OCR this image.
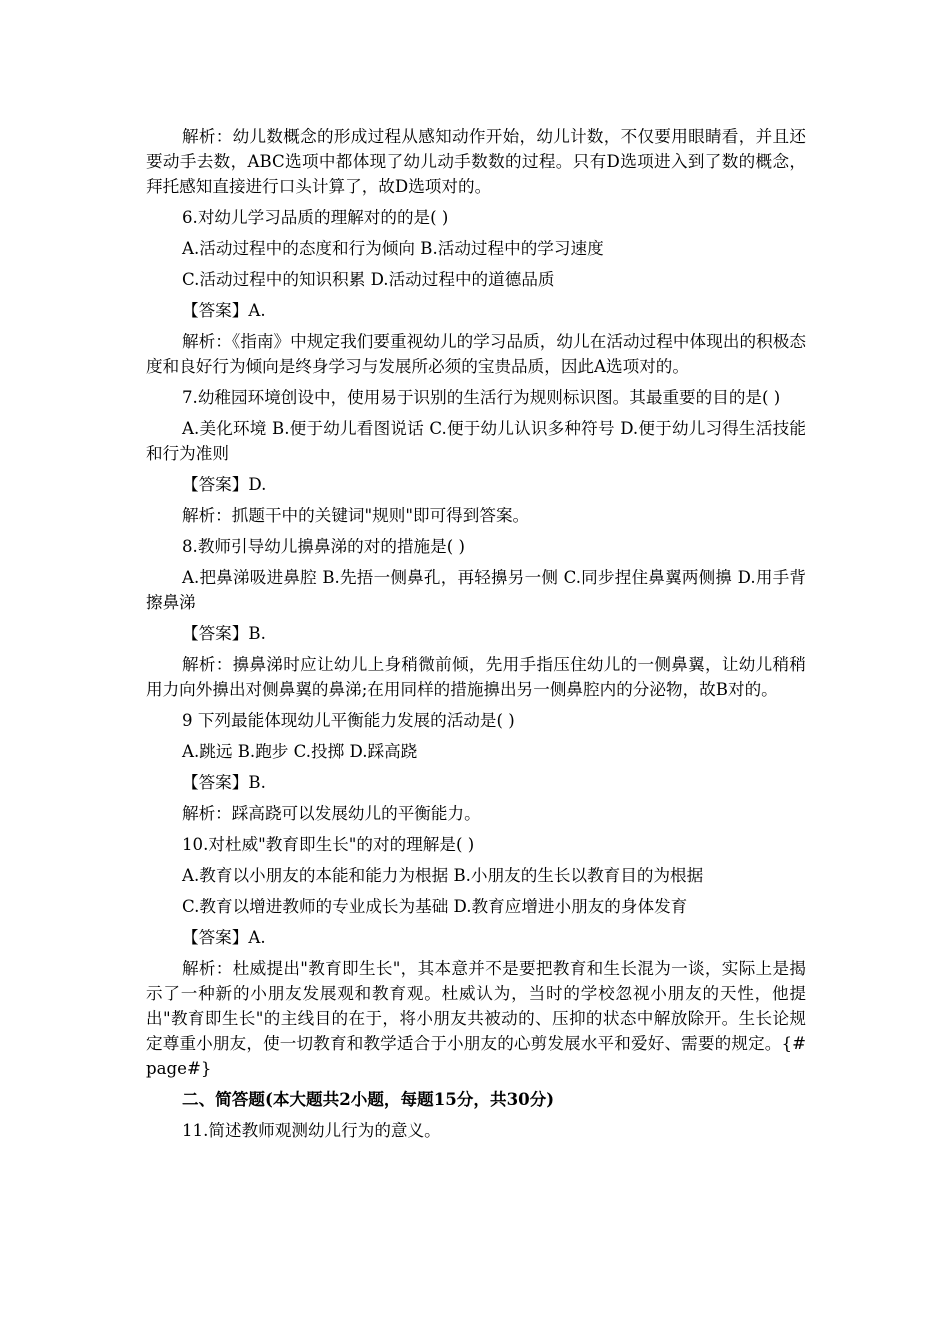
解析：幼儿数概念的形成过程从感知动作开始，幼儿计数，不仅要用眼睛看，并且还要动手去数，ABC选项中都体现了幼儿动手数数的过程。只有D选项进入到了数的概念，拜托感知直接进行口头计算了，故D选项对的。

6.对幼儿学习品质的理解对的的是( )

A.活动过程中的态度和行为倾向 B.活动过程中的学习速度

C.活动过程中的知识积累 D.活动过程中的道德品质

【答案】A.

解析：《指南》中规定我们要重视幼儿的学习品质，幼儿在活动过程中体现出的积极态度和良好行为倾向是终身学习与发展所必须的宝贵品质，因此A选项对的。

7.幼稚园环境创设中，使用易于识别的生活行为规则标识图。其最重要的目的是( )

A.美化环境 B.便于幼儿看图说话 C.便于幼儿认识多种符号 D.便于幼儿习得生活技能和行为准则

【答案】D.

解析：抓题干中的关键词"规则"即可得到答案。

8.教师引导幼儿擤鼻涕的对的措施是( )

A.把鼻涕吸进鼻腔 B.先捂一侧鼻孔，再轻擤另一侧 C.同步捏住鼻翼两侧擤 D.用手背擦鼻涕

【答案】B.

解析：擤鼻涕时应让幼儿上身稍微前倾，先用手指压住幼儿的一侧鼻翼，让幼儿稍稍用力向外擤出对侧鼻翼的鼻涕;在用同样的措施擤出另一侧鼻腔内的分泌物，故B对的。

9 下列最能体现幼儿平衡能力发展的活动是( )

A.跳远 B.跑步 C.投掷 D.踩高跷

【答案】B.

解析：踩高跷可以发展幼儿的平衡能力。

10.对杜威"教育即生长"的对的理解是( )

A.教育以小朋友的本能和能力为根据 B.小朋友的生长以教育目的为根据

C.教育以增进教师的专业成长为基础 D.教育应增进小朋友的身体发育

【答案】A.

解析：杜威提出"教育即生长"，其本意并不是要把教育和生长混为一谈，实际上是揭示了一种新的小朋友发展观和教育观。杜威认为，当时的学校忽视小朋友的天性，他提出"教育即生长"的主线目的在于，将小朋友共被动的、压抑的状态中解放除开。生长论规定尊重小朋友，使一切教育和教学适合于小朋友的心剪发展水平和爱好、需要的规定。{#page#}

二、简答题(本大题共2小题，每题15分，共30分)

11.简述教师观测幼儿行为的意义。
